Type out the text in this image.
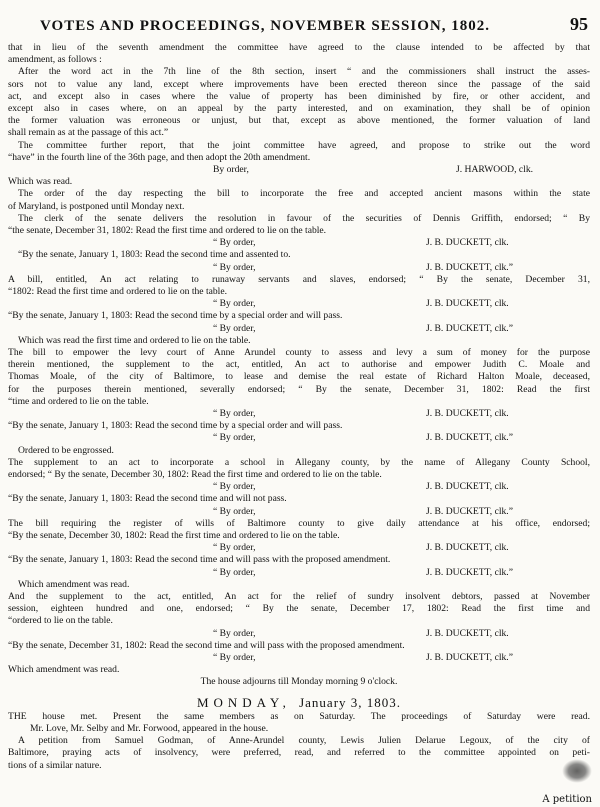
VOTES AND PROCEEDINGS, NOVEMBER SESSION, 1802.	95
that in lieu of the seventh amendment the committee have agreed to the clause intended to be affected by that
amendment, as follows :
After the word act in the 7th line of the 8th section, insert “ and the commissioners shall instruct the asses-
sors not to value any land, except where improvements have been erected thereon since the passage of the said
act, and except also in cases where the value of property has been diminished by fire, or other accident, and
except also in cases where, on an appeal by the party interested, and on examination, they shall be of opinion
the former valuation was erroneous or unjust, but that, except as above mentioned, the former valuation of land
shall remain as at the passage of this act.”
The committee further report, that the joint committee have agreed, and propose to strike out the word
“have” in the fourth line of the 36th page, and then adopt the 20th amendment.
By order,	J. HARWOOD, clk.
Which was read.
The order of the day respecting the bill to incorporate the free and accepted ancient masons within the state
of Maryland, is postponed until Monday next.
The clerk of the senate delivers the resolution in favour of the securities of Dennis Griffith, endorsed; “ By
“the senate, December 31, 1802: Read the first time and ordered to lie on the table.
“ By order,	J. B. DUCKETT, clk.
“By the senate, January 1, 1803: Read the second time and assented to.
“ By order,	J. B. DUCKETT, clk.”
A bill, entitled, An act relating to runaway servants and slaves, endorsed; “ By the senate, December 31,
“1802: Read the first time and ordered to lie on the table.
“ By order,	J. B. DUCKETT, clk.
“By the senate, January 1, 1803: Read the second time by a special order and will pass.
“ By order,	J. B. DUCKETT, clk.”
Which was read the first time and ordered to lie on the table.
The bill to empower the levy court of Anne Arundel county to assess and levy a sum of money for the purpose
therein mentioned, the supplement to the act, entitled, An act to authorise and empower Judith C. Moale and
Thomas Moale, of the city of Baltimore, to lease and demise the real estate of Richard Halton Moale, deceased,
for the purposes therein mentioned, severally endorsed; “ By the senate, December 31, 1802: Read the first
“time and ordered to lie on the table.
“ By order,	J. B. DUCKETT, clk.
“By the senate, January 1, 1803: Read the second time by a special order and will pass.
“ By order,	J. B. DUCKETT, clk.”
Ordered to be engrossed.
The supplement to an act to incorporate a school in Allegany county, by the name of Allegany County School,
endorsed; “ By the senate, December 30, 1802: Read the first time and ordered to lie on the table.
“ By order,	J. B. DUCKETT, clk.
“By the senate, January 1, 1803: Read the second time and will not pass.
“ By order,	J. B. DUCKETT, clk.”
The bill requiring the register of wills of Baltimore county to give daily attendance at his office, endorsed;
“By the senate, December 30, 1802: Read the first time and ordered to lie on the table.
“ By order,	J. B. DUCKETT, clk.
“By the senate, January 1, 1803: Read the second time and will pass with the proposed amendment.
“ By order,	J. B. DUCKETT, clk.”
Which amendment was read.
And the supplement to the act, entitled, An act for the relief of sundry insolvent debtors, passed at November
session, eighteen hundred and one, endorsed; “ By the senate, December 17, 1802: Read the first time and
“ordered to lie on the table.
“ By order,	J. B. DUCKETT, clk.
“By the senate, December 31, 1802: Read the second time and will pass with the proposed amendment.
“ By order,	J. B. DUCKETT, clk.”
Which amendment was read.
The house adjourns till Monday morning 9 o'clock.
MONDAY, January 3, 1803.
THE house met. Present the same members as on Saturday. The proceedings of Saturday were read.
Mr. Love, Mr. Selby and Mr. Forwood, appeared in the house.
A petition from Samuel Godman, of Anne-Arundel county, Lewis Julien Delarue Legoux, of the city of
Baltimore, praying acts of insolvency, were preferred, read, and referred to the committee appointed on peti-
tions of a similar nature.
A petition
